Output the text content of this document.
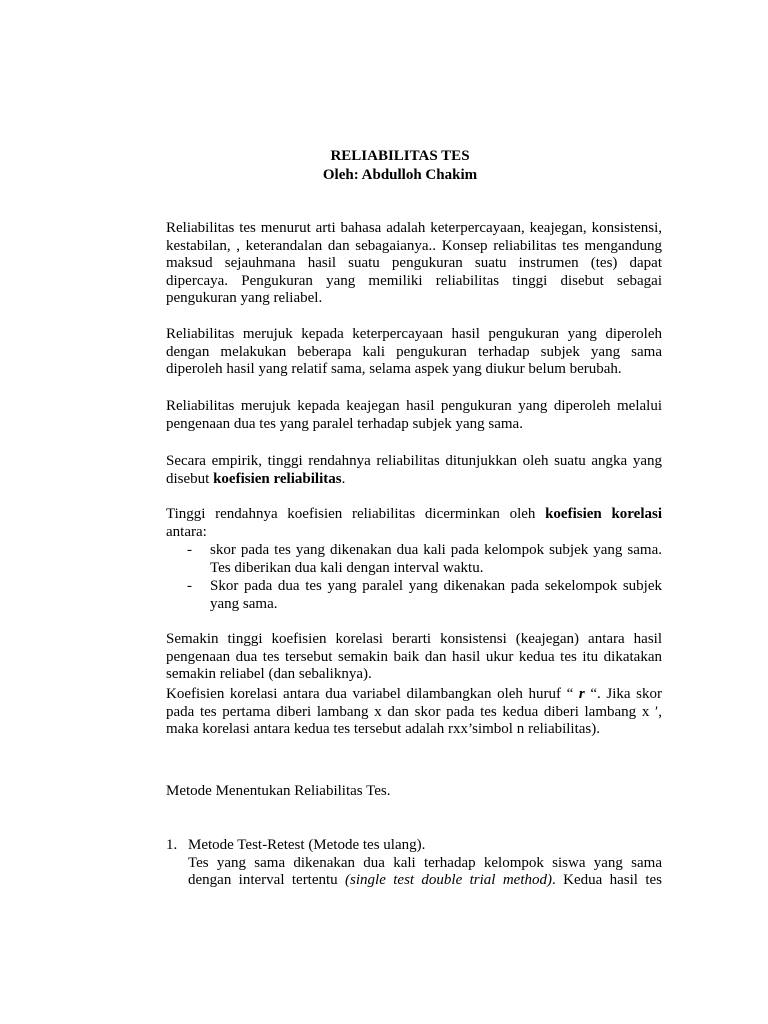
RELIABILITAS TES
Oleh: Abdulloh Chakim
Reliabilitas tes menurut arti bahasa adalah keterpercayaan, keajegan, konsistensi,
kestabilan, , keterandalan dan sebagaianya.. Konsep reliabilitas tes mengandung
maksud sejauhmana hasil suatu pengukuran suatu instrumen (tes) dapat
dipercaya. Pengukuran yang memiliki reliabilitas tinggi disebut sebagai
pengukuran yang reliabel.
Reliabilitas merujuk kepada keterpercayaan hasil pengukuran yang diperoleh
dengan melakukan beberapa kali pengukuran terhadap subjek yang sama
diperoleh hasil yang relatif sama, selama aspek yang diukur belum berubah.
Reliabilitas merujuk kepada keajegan hasil pengukuran yang diperoleh melalui
pengenaan dua tes yang paralel terhadap subjek yang sama.
Secara empirik, tinggi rendahnya reliabilitas ditunjukkan oleh suatu angka yang
disebut koefisien reliabilitas.
Tinggi rendahnya koefisien reliabilitas dicerminkan oleh koefisien korelasi
antara:
- skor pada tes yang dikenakan dua kali pada kelompok subjek yang sama.
Tes diberikan dua kali dengan interval waktu.
- Skor pada dua tes yang paralel yang dikenakan pada sekelompok subjek
yang sama.
Semakin tinggi koefisien korelasi berarti konsistensi (keajegan) antara hasil
pengenaan dua tes tersebut semakin baik dan hasil ukur kedua tes itu dikatakan
semakin reliabel (dan sebaliknya).
Koefisien korelasi antara dua variabel dilambangkan oleh huruf “ r “. Jika skor
pada tes pertama diberi lambang x dan skor pada tes kedua diberi lambang x ′,
maka korelasi antara kedua tes tersebut adalah rxx’simbol n reliabilitas).
Metode Menentukan Reliabilitas Tes.
1. Metode Test-Retest (Metode tes ulang).
Tes yang sama dikenakan dua kali terhadap kelompok siswa yang sama
dengan interval tertentu (single test double trial method). Kedua hasil tes
